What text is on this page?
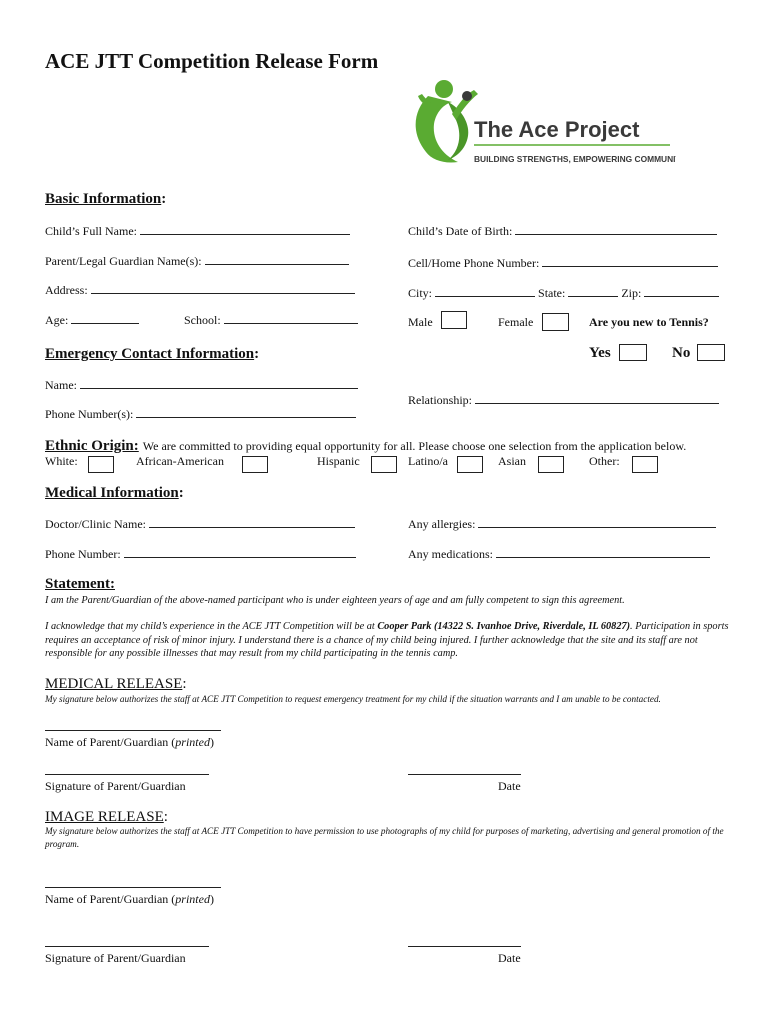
ACE JTT Competition Release Form
The Ace Project
BUILDING STRENGTHS, EMPOWERING COMMUNITIES
Basic Information:
Child’s Full Name:	Child’s Date of Birth:
Parent/Legal Guardian Name(s):	Cell/Home Phone Number:
Address:	City:	State:	Zip:
Age:	School:	Male	Female	Are you new to Tennis?
Emergency Contact Information:	Yes	No
Name:
Relationship:
Phone Number(s):
Ethnic Origin: We are committed to providing equal opportunity for all. Please choose one selection from the application below.
White:	African-American	Hispanic	Latino/a	Asian	Other:
Medical Information:
Doctor/Clinic Name:	Any allergies:
Phone Number:	Any medications:
Statement:
I am the Parent/Guardian of the above-named participant who is under eighteen years of age and am fully competent to sign this agreement.
I acknowledge that my child’s experience in the ACE JTT Competition will be at Cooper Park (14322 S. Ivanhoe Drive, Riverdale, IL 60827). Participation in sports requires an acceptance of risk of minor injury. I understand there is a chance of my child being injured. I further acknowledge that the site and its staff are not responsible for any possible illnesses that may result from my child participating in the tennis camp.
MEDICAL RELEASE:
My signature below authorizes the staff at ACE JTT Competition to request emergency treatment for my child if the situation warrants and I am unable to be contacted.
Name of Parent/Guardian (printed)
Signature of Parent/Guardian	Date
IMAGE RELEASE:
My signature below authorizes the staff at ACE JTT Competition to have permission to use photographs of my child for purposes of marketing, advertising and general promotion of the program.
Name of Parent/Guardian (printed)
Signature of Parent/Guardian	Date
